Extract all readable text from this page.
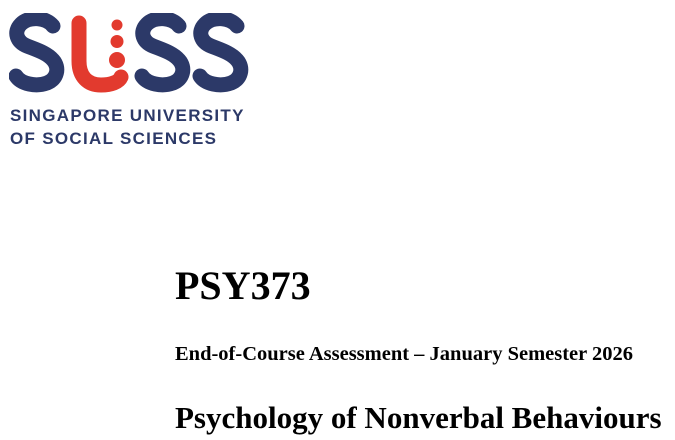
SINGAPORE UNIVERSITY
OF SOCIAL SCIENCES
PSY373
End-of-Course Assessment – January Semester 2026
Psychology of Nonverbal Behaviours
